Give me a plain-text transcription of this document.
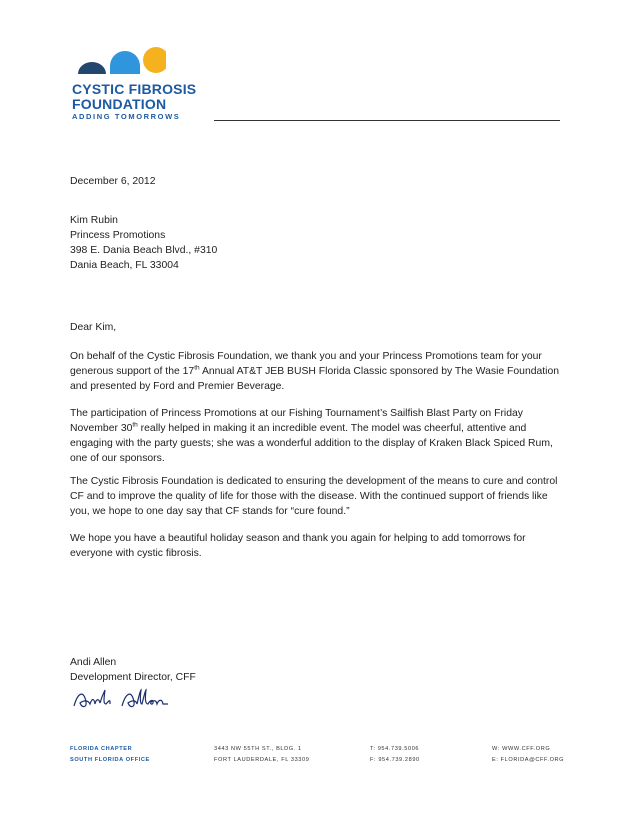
CYSTIC FIBROSIS
FOUNDATION
ADDING TOMORROWS
December 6, 2012
Kim Rubin
Princess Promotions
398 E. Dania Beach Blvd., #310
Dania Beach, FL 33004
Dear Kim,

On behalf of the Cystic Fibrosis Foundation, we thank you and your Princess Promotions team for your generous support of the 17th Annual AT&T JEB BUSH Florida Classic sponsored by The Wasie Foundation and presented by Ford and Premier Beverage.

The participation of Princess Promotions at our Fishing Tournament’s Sailfish Blast Party on Friday November 30th really helped in making it an incredible event. The model was cheerful, attentive and engaging with the party guests; she was a wonderful addition to the display of Kraken Black Spiced Rum, one of our sponsors.

The Cystic Fibrosis Foundation is dedicated to ensuring the development of the means to cure and control CF and to improve the quality of life for those with the disease. With the continued support of friends like you, we hope to one day say that CF stands for “cure found.”

We hope you have a beautiful holiday season and thank you again for helping to add tomorrows for everyone with cystic fibrosis.

Andi Allen
Development Director, CFF
FLORIDA CHAPTER
SOUTH FLORIDA OFFICE
3443 NW 55TH ST., BLDG. 1
FORT LAUDERDALE, FL 33309
T: 954.739.5006
F: 954.739.2890
W: WWW.CFF.ORG
E: FLORIDA@CFF.ORG
